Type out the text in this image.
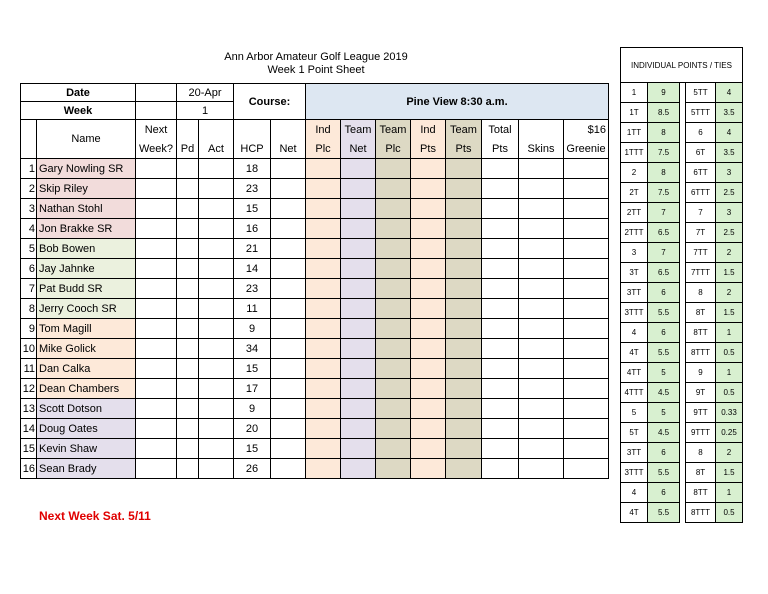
Ann Arbor Amateur Golf League 2019
Week 1 Point Sheet
Date			20-Apr		Course:		Pine View 8:30 a.m.							
Week			1											
	Name	Next					Ind	Team	Team	Ind	Team	Total		$16
		Week?	Pd	Act	HCP	Net	Plc	Net	Plc	Pts	Pts	Pts	Skins	Greenie
1	Gary Nowling SR				18									
2	Skip Riley				23									
3	Nathan Stohl				15									
4	Jon Brakke SR				16									
5	Bob Bowen				21									
6	Jay Jahnke				14									
7	Pat Budd SR				23									
8	Jerry Cooch SR				11									
9	Tom Magill				9									
10	Mike Golick				34									
11	Dan Calka				15									
12	Dean Chambers				17									
13	Scott Dotson				9									
14	Doug Oates				20									
15	Kevin Shaw				15									
16	Sean Brady				26									
Next Week Sat. 5/11
INDIVIDUAL POINTS / TIES				
1	9		5TT	4
1T	8.5		5TTT	3.5
1TT	8		6	4
1TTT	7.5		6T	3.5
2	8		6TT	3
2T	7.5		6TTT	2.5
2TT	7		7	3
2TTT	6.5		7T	2.5
3	7		7TT	2
3T	6.5		7TTT	1.5
3TT	6		8	2
3TTT	5.5		8T	1.5
4	6		8TT	1
4T	5.5		8TTT	0.5
4TT	5		9	1
4TTT	4.5		9T	0.5
5	5		9TT	0.33
5T	4.5		9TTT	0.25
3TT	6		8	2
3TTT	5.5		8T	1.5
4	6		8TT	1
4T	5.5		8TTT	0.5
